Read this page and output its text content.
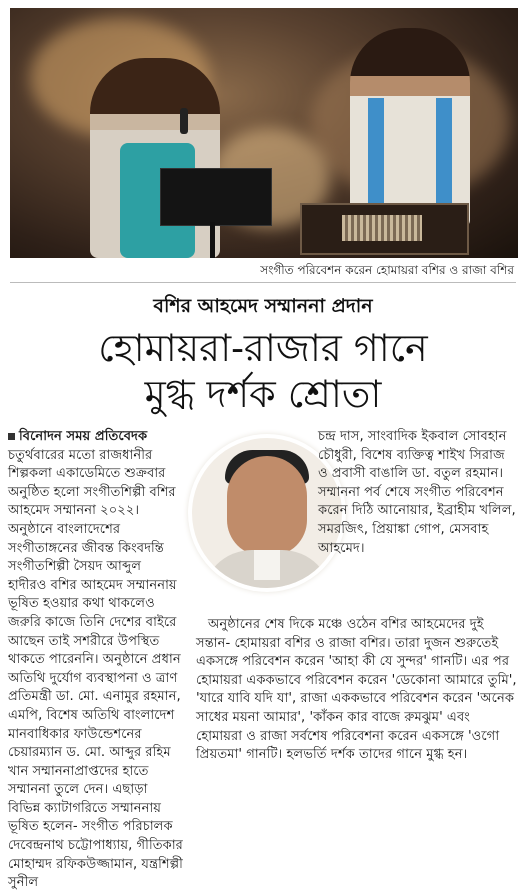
সংগীত পরিবেশন করেন হোমায়রা বশির ও রাজা বশির
বশির আহমেদ সম্মাননা প্রদান
হোমায়রা-রাজার গানে
মুগ্ধ দর্শক শ্রোতা

বিনোদন সময় প্রতিবেদক

চতুর্থবারের মতো রাজধানীর শিল্পকলা একাডেমিতে শুক্রবার অনুষ্ঠিত হলো সংগীতশিল্পী বশির আহমেদ সম্মাননা ২০২২। অনুষ্ঠানে বাংলাদেশের সংগীতাঙ্গনের জীবন্ত কিংবদন্তি সংগীতশিল্পী সৈয়দ আব্দুল হাদীরও বশির আহমেদ সম্মাননায় ভূষিত হওয়ার কথা থাকলেও জরুরি কাজে তিনি দেশের বাইরে আছেন তাই সশরীরে উপস্থিত থাকতে পারেননি। অনুষ্ঠানে প্রধান অতিথি দুর্যোগ ব্যবস্থাপনা ও ত্রাণ প্রতিমন্ত্রী ডা. মো. এনামুর রহমান, এমপি, বিশেষ অতিথি বাংলাদেশ মানবাধিকার ফাউন্ডেশনের চেয়ারম্যান ড. মো. আব্দুর রহিম খান সম্মাননাপ্রাপ্তদের হাতে সম্মাননা তুলে দেন। এছাড়া বিভিন্ন ক্যাটাগরিতে সম্মাননায় ভূষিত হলেন- সংগীত পরিচালক দেবেন্দ্রনাথ চট্টোপাধ্যায়, গীতিকার মোহাম্মদ রফিকউজ্জামান, যন্ত্রশিল্পী সুনীল

চন্দ্র দাস, সাংবাদিক ইকবাল সোবহান চৌধুরী, বিশেষ ব্যক্তিত্ব শাইখ সিরাজ ও প্রবাসী বাঙালি ডা. বতুল রহমান। সম্মাননা পর্ব শেষে সংগীত পরিবেশন করেন দিঠি আনোয়ার, ইব্রাহীম খলিল, সমরজিৎ, প্রিয়াঙ্কা গোপ, মেসবাহ আহমেদ।

অনুষ্ঠানের শেষ দিকে মঞ্চে ওঠেন বশির আহমেদের দুই সন্তান- হোমায়রা বশির ও রাজা বশির। তারা দুজন শুরুতেই একসঙ্গে পরিবেশন করেন 'আহা কী যে সুন্দর' গানটি। এর পর হোমায়রা এককভাবে পরিবেশন করেন 'ডেকোনা আমারে তুমি', 'যারে যাবি যদি যা', রাজা এককভাবে পরিবেশন করেন 'অনেক সাধের ময়না আমার', 'কাঁকন কার বাজে রুমঝুম' এবং হোমায়রা ও রাজা সর্বশেষ পরিবেশনা করেন একসঙ্গে 'ওগো প্রিয়তমা' গানটি। হলভর্তি দর্শক তাদের গানে মুগ্ধ হন।
